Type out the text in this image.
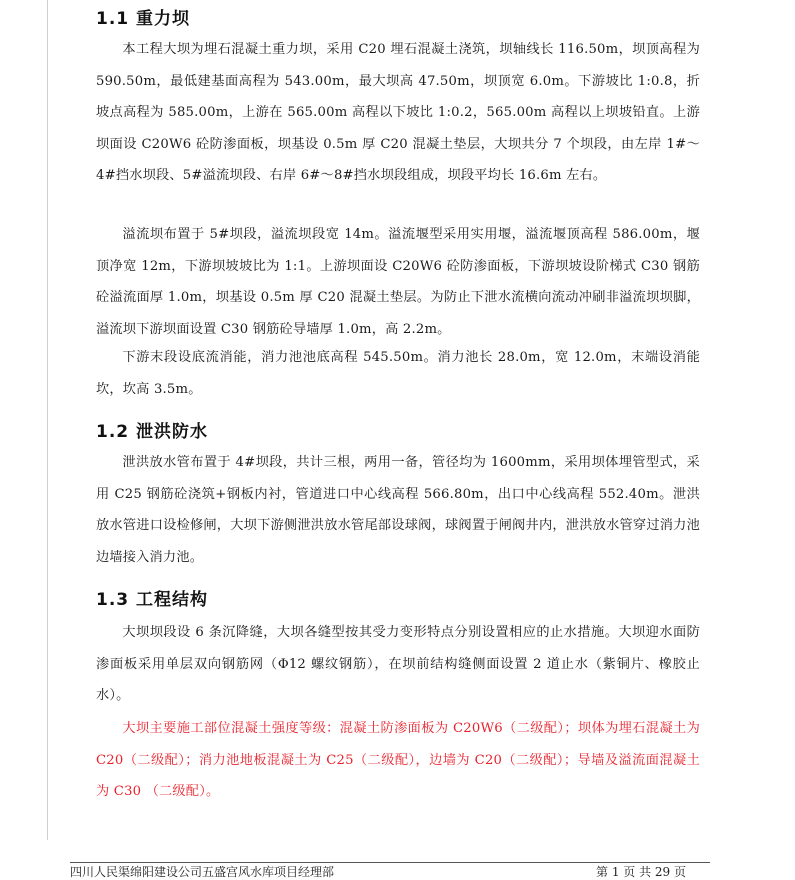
1.1 重力坝

本工程大坝为埋石混凝土重力坝，采用 C20 埋石混凝土浇筑，坝轴线长 116.50m，坝顶高程为 590.50m，最低建基面高程为 543.00m，最大坝高 47.50m，坝顶宽 6.0m。下游坡比 1:0.8，折坡点高程为 585.00m，上游在 565.00m 高程以下坡比 1:0.2，565.00m 高程以上坝坡铅直。上游坝面设 C20W6 砼防渗面板，坝基设 0.5m 厚 C20 混凝土垫层，大坝共分 7 个坝段，由左岸 1#～4#挡水坝段、5#溢流坝段、右岸 6#～8#挡水坝段组成，坝段平均长 16.6m 左右。

溢流坝布置于 5#坝段，溢流坝段宽 14m。溢流堰型采用实用堰，溢流堰顶高程 586.00m，堰顶净宽 12m，下游坝坡坡比为 1:1。上游坝面设 C20W6 砼防渗面板，下游坝坡设阶梯式 C30 钢筋砼溢流面厚 1.0m，坝基设 0.5m 厚 C20 混凝土垫层。为防止下泄水流横向流动冲刷非溢流坝坝脚，溢流坝下游坝面设置 C30 钢筋砼导墙厚 1.0m，高 2.2m。

下游末段设底流消能，消力池池底高程 545.50m。消力池长 28.0m，宽 12.0m，末端设消能坎，坎高 3.5m。

1.2 泄洪防水

泄洪放水管布置于 4#坝段，共计三根，两用一备，管径均为 1600mm，采用坝体埋管型式，采用 C25 钢筋砼浇筑+钢板内衬，管道进口中心线高程 566.80m，出口中心线高程 552.40m。泄洪放水管进口设检修闸，大坝下游侧泄洪放水管尾部设球阀，球阀置于闸阀井内，泄洪放水管穿过消力池边墙接入消力池。

1.3 工程结构

大坝坝段设 6 条沉降缝，大坝各缝型按其受力变形特点分别设置相应的止水措施。大坝迎水面防渗面板采用单层双向钢筋网（Φ12 螺纹钢筋），在坝前结构缝侧面设置 2 道止水（紫铜片、橡胶止水）。

大坝主要施工部位混凝土强度等级：混凝土防渗面板为 C20W6（二级配）；坝体为埋石混凝土为 C20（二级配）；消力池地板混凝土为 C25（二级配），边墙为 C20（二级配）；导墙及溢流面混凝土为 C30 （二级配）。

四川人民渠绵阳建设公司五盛宫风水库项目经理部	第 1 页 共 29 页
